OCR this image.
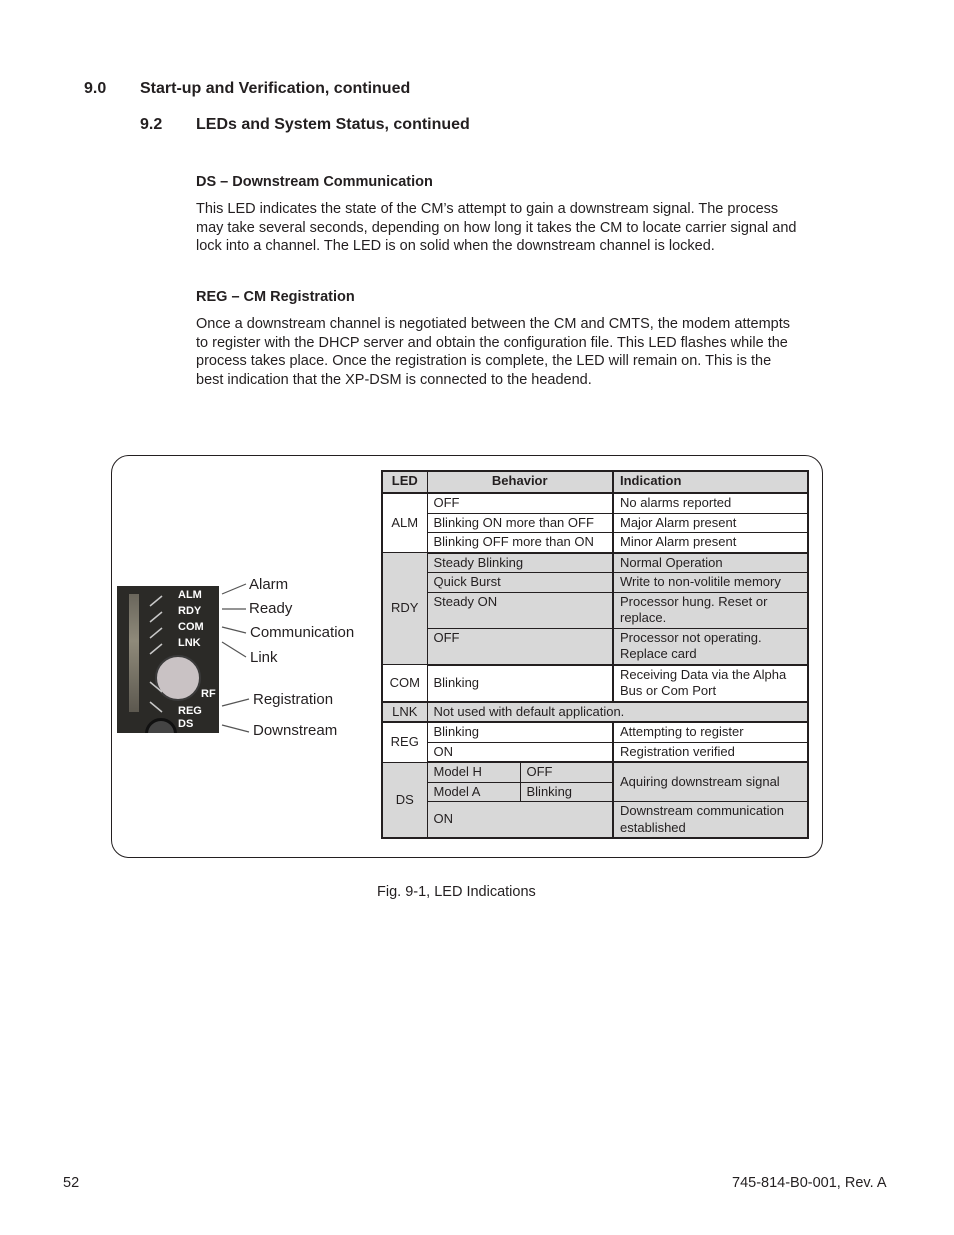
9.0 Start-up and Verification, continued
9.2 LEDs and System Status, continued
DS – Downstream Communication
This LED indicates the state of the CM’s attempt to gain a downstream signal. The process
may take several seconds, depending on how long it takes the CM to locate carrier signal and
lock into a channel. The LED is on solid when the downstream channel is locked.
REG – CM Registration
Once a downstream channel is negotiated between the CM and CMTS, the modem attempts
to register with the DHCP server and obtain the configuration file. This LED flashes while the
process takes place. Once the registration is complete, the LED will remain on. This is the
best indication that the XP-DSM is connected to the headend.
ALM
RDY
COM
LNK
RF
REG
DS
Alarm
Ready
Communication
Link
Registration
Downstream
LED	Behavior		Indication
ALM	OFF		No alarms reported
	Blinking ON more than OFF		Major Alarm present
	Blinking OFF more than ON		Minor Alarm present
RDY	Steady Blinking		Normal Operation
	Quick Burst		Write to non-volitile memory
	Steady ON		Processor hung. Reset or replace.
	OFF		Processor not operating. Replace card
COM	Blinking		Receiving Data via the Alpha Bus or Com Port
LNK	Not used with default application.		
REG	Blinking		Attempting to register
	ON		Registration verified
DS	Model H	OFF	Aquiring downstream signal
	Model A	Blinking	
	ON		Downstream communication established
Fig. 9-1, LED Indications
52	745-814-B0-001, Rev. A
